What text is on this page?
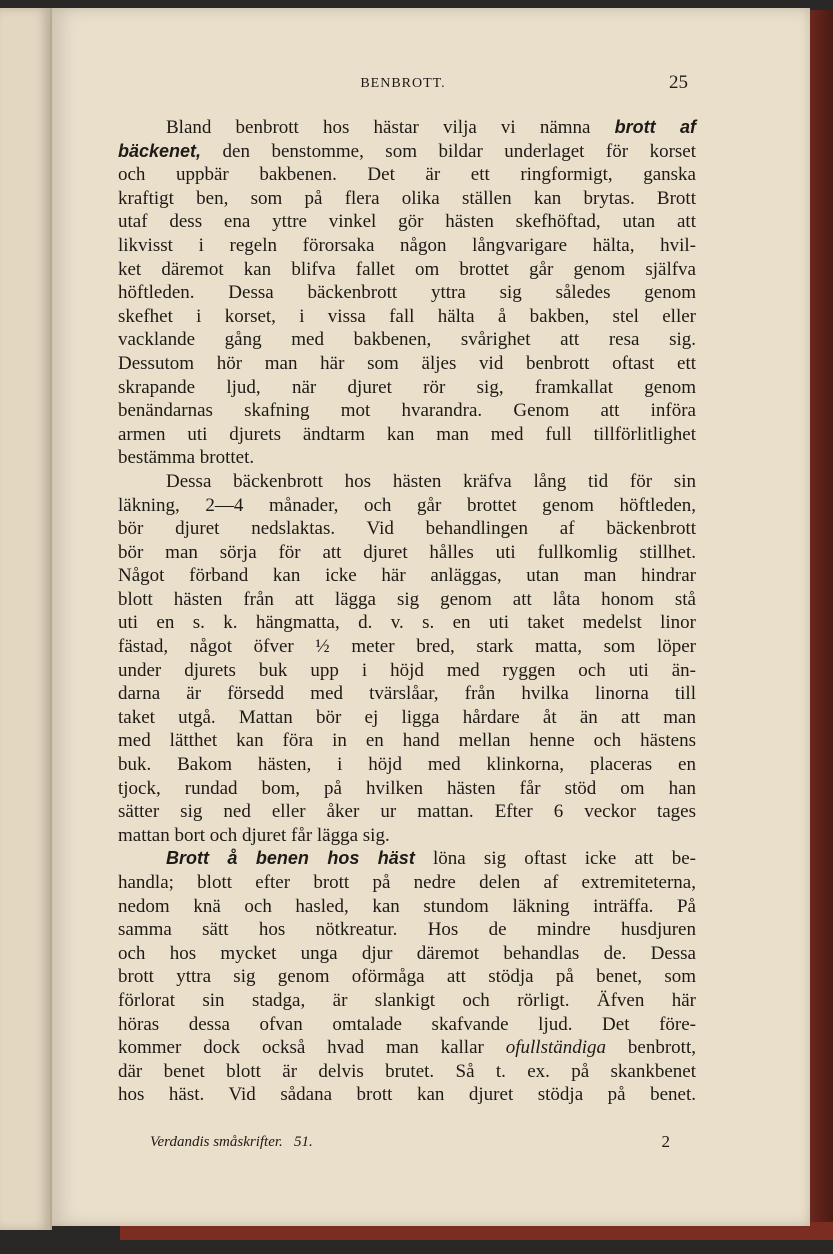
BENBROTT.	25
Bland benbrott hos hästar vilja vi nämna brott af
bäckenet, den benstomme, som bildar underlaget för korset
och uppbär bakbenen. Det är ett ringformigt, ganska
kraftigt ben, som på flera olika ställen kan brytas. Brott
utaf dess ena yttre vinkel gör hästen skefhöftad, utan att
likvisst i regeln förorsaka någon långvarigare hälta, hvil-
ket däremot kan blifva fallet om brottet går genom själfva
höftleden. Dessa bäckenbrott yttra sig således genom
skefhet i korset, i vissa fall hälta å bakben, stel eller
vacklande gång med bakbenen, svårighet att resa sig.
Dessutom hör man här som äljes vid benbrott oftast ett
skrapande ljud, när djuret rör sig, framkallat genom
benändarnas skafning mot hvarandra. Genom att införa
armen uti djurets ändtarm kan man med full tillförlitlighet
bestämma brottet.
Dessa bäckenbrott hos hästen kräfva lång tid för sin
läkning, 2—4 månader, och går brottet genom höftleden,
bör djuret nedslaktas. Vid behandlingen af bäckenbrott
bör man sörja för att djuret hålles uti fullkomlig stillhet.
Något förband kan icke här anläggas, utan man hindrar
blott hästen från att lägga sig genom att låta honom stå
uti en s. k. hängmatta, d. v. s. en uti taket medelst linor
fästad, något öfver ½ meter bred, stark matta, som löper
under djurets buk upp i höjd med ryggen och uti än-
darna är försedd med tvärslåar, från hvilka linorna till
taket utgå. Mattan bör ej ligga hårdare åt än att man
med lätthet kan föra in en hand mellan henne och hästens
buk. Bakom hästen, i höjd med klinkorna, placeras en
tjock, rundad bom, på hvilken hästen får stöd om han
sätter sig ned eller åker ur mattan. Efter 6 veckor tages
mattan bort och djuret får lägga sig.
Brott å benen hos häst löna sig oftast icke att be-
handla; blott efter brott på nedre delen af extremiteterna,
nedom knä och hasled, kan stundom läkning inträffa. På
samma sätt hos nötkreatur. Hos de mindre husdjuren
och hos mycket unga djur däremot behandlas de. Dessa
brott yttra sig genom oförmåga att stödja på benet, som
förlorat sin stadga, är slankigt och rörligt. Äfven här
höras dessa ofvan omtalade skafvande ljud. Det före-
kommer dock också hvad man kallar ofullständiga benbrott,
där benet blott är delvis brutet. Så t. ex. på skankbenet
hos häst. Vid sådana brott kan djuret stödja på benet.
Verdandis småskrifter. 51.	2
